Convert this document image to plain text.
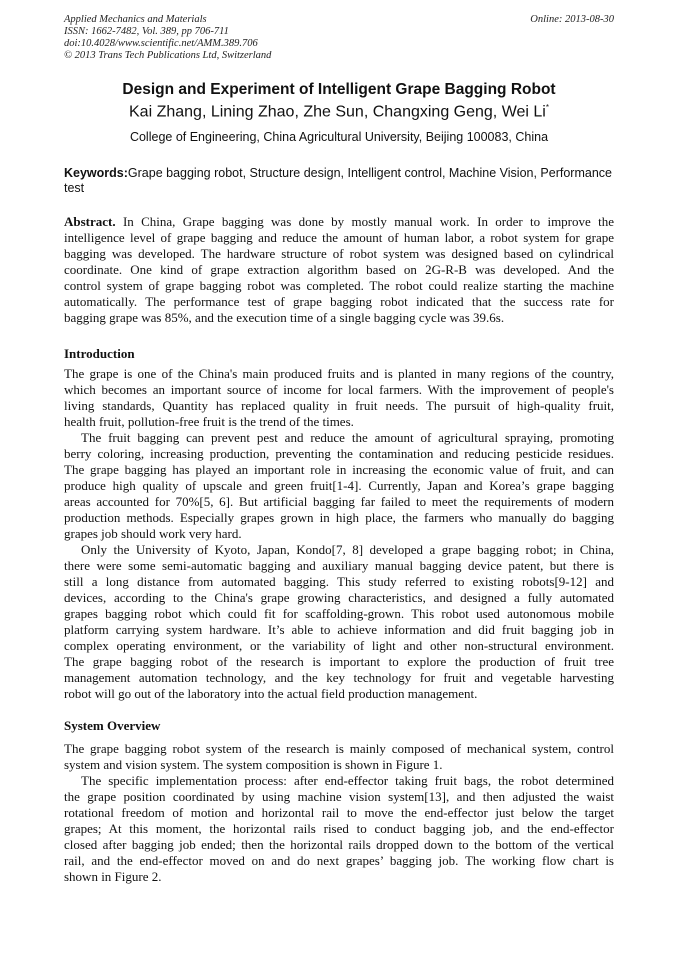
Applied Mechanics and Materials
ISSN: 1662-7482, Vol. 389, pp 706-711
doi:10.4028/www.scientific.net/AMM.389.706
© 2013 Trans Tech Publications Ltd, Switzerland
Online: 2013-08-30
Design and Experiment of Intelligent Grape Bagging Robot
Kai Zhang, Lining Zhao, Zhe Sun, Changxing Geng, Wei Li*
College of Engineering, China Agricultural University, Beijing 100083, China
Keywords:Grape bagging robot, Structure design, Intelligent control, Machine Vision, Performance test
Abstract. In China, Grape bagging was done by mostly manual work. In order to improve the
intelligence level of grape bagging and reduce the amount of human labor, a robot system for grape
bagging was developed. The hardware structure of robot system was designed based on cylindrical
coordinate. One kind of grape extraction algorithm based on 2G-R-B was developed. And the
control system of grape bagging robot was completed. The robot could realize starting the machine
automatically. The performance test of grape bagging robot indicated that the success rate for
bagging grape was 85%, and the execution time of a single bagging cycle was 39.6s.
Introduction
The grape is one of the China's main produced fruits and is planted in many regions of the country,
which becomes an important source of income for local farmers. With the improvement of people's
living standards, Quantity has replaced quality in fruit needs. The pursuit of high-quality fruit,
health fruit, pollution-free fruit is the trend of the times.
The fruit bagging can prevent pest and reduce the amount of agricultural spraying, promoting
berry coloring, increasing production, preventing the contamination and reducing pesticide residues.
The grape bagging has played an important role in increasing the economic value of fruit, and can
produce high quality of upscale and green fruit[1-4]. Currently, Japan and Korea’s grape bagging
areas accounted for 70%[5, 6]. But artificial bagging far failed to meet the requirements of modern
production methods. Especially grapes grown in high place, the farmers who manually do bagging
grapes job should work very hard.
Only the University of Kyoto, Japan, Kondo[7, 8] developed a grape bagging robot; in China,
there were some semi-automatic bagging and auxiliary manual bagging device patent, but there is
still a long distance from automated bagging. This study referred to existing robots[9-12] and
devices, according to the China's grape growing characteristics, and designed a fully automated
grapes bagging robot which could fit for scaffolding-grown. This robot used autonomous mobile
platform carrying system hardware. It’s able to achieve information and did fruit bagging job in
complex operating environment, or the variability of light and other non-structural environment.
The grape bagging robot of the research is important to explore the production of fruit tree
management automation technology, and the key technology for fruit and vegetable harvesting
robot will go out of the laboratory into the actual field production management.
System Overview
The grape bagging robot system of the research is mainly composed of mechanical system, control
system and vision system. The system composition is shown in Figure 1.
The specific implementation process: after end-effector taking fruit bags, the robot determined
the grape position coordinated by using machine vision system[13], and then adjusted the waist
rotational freedom of motion and horizontal rail to move the end-effector just below the target
grapes; At this moment, the horizontal rails rised to conduct bagging job, and the end-effector
closed after bagging job ended; then the horizontal rails dropped down to the bottom of the vertical
rail, and the end-effector moved on and do next grapes’ bagging job. The working flow chart is
shown in Figure 2.
